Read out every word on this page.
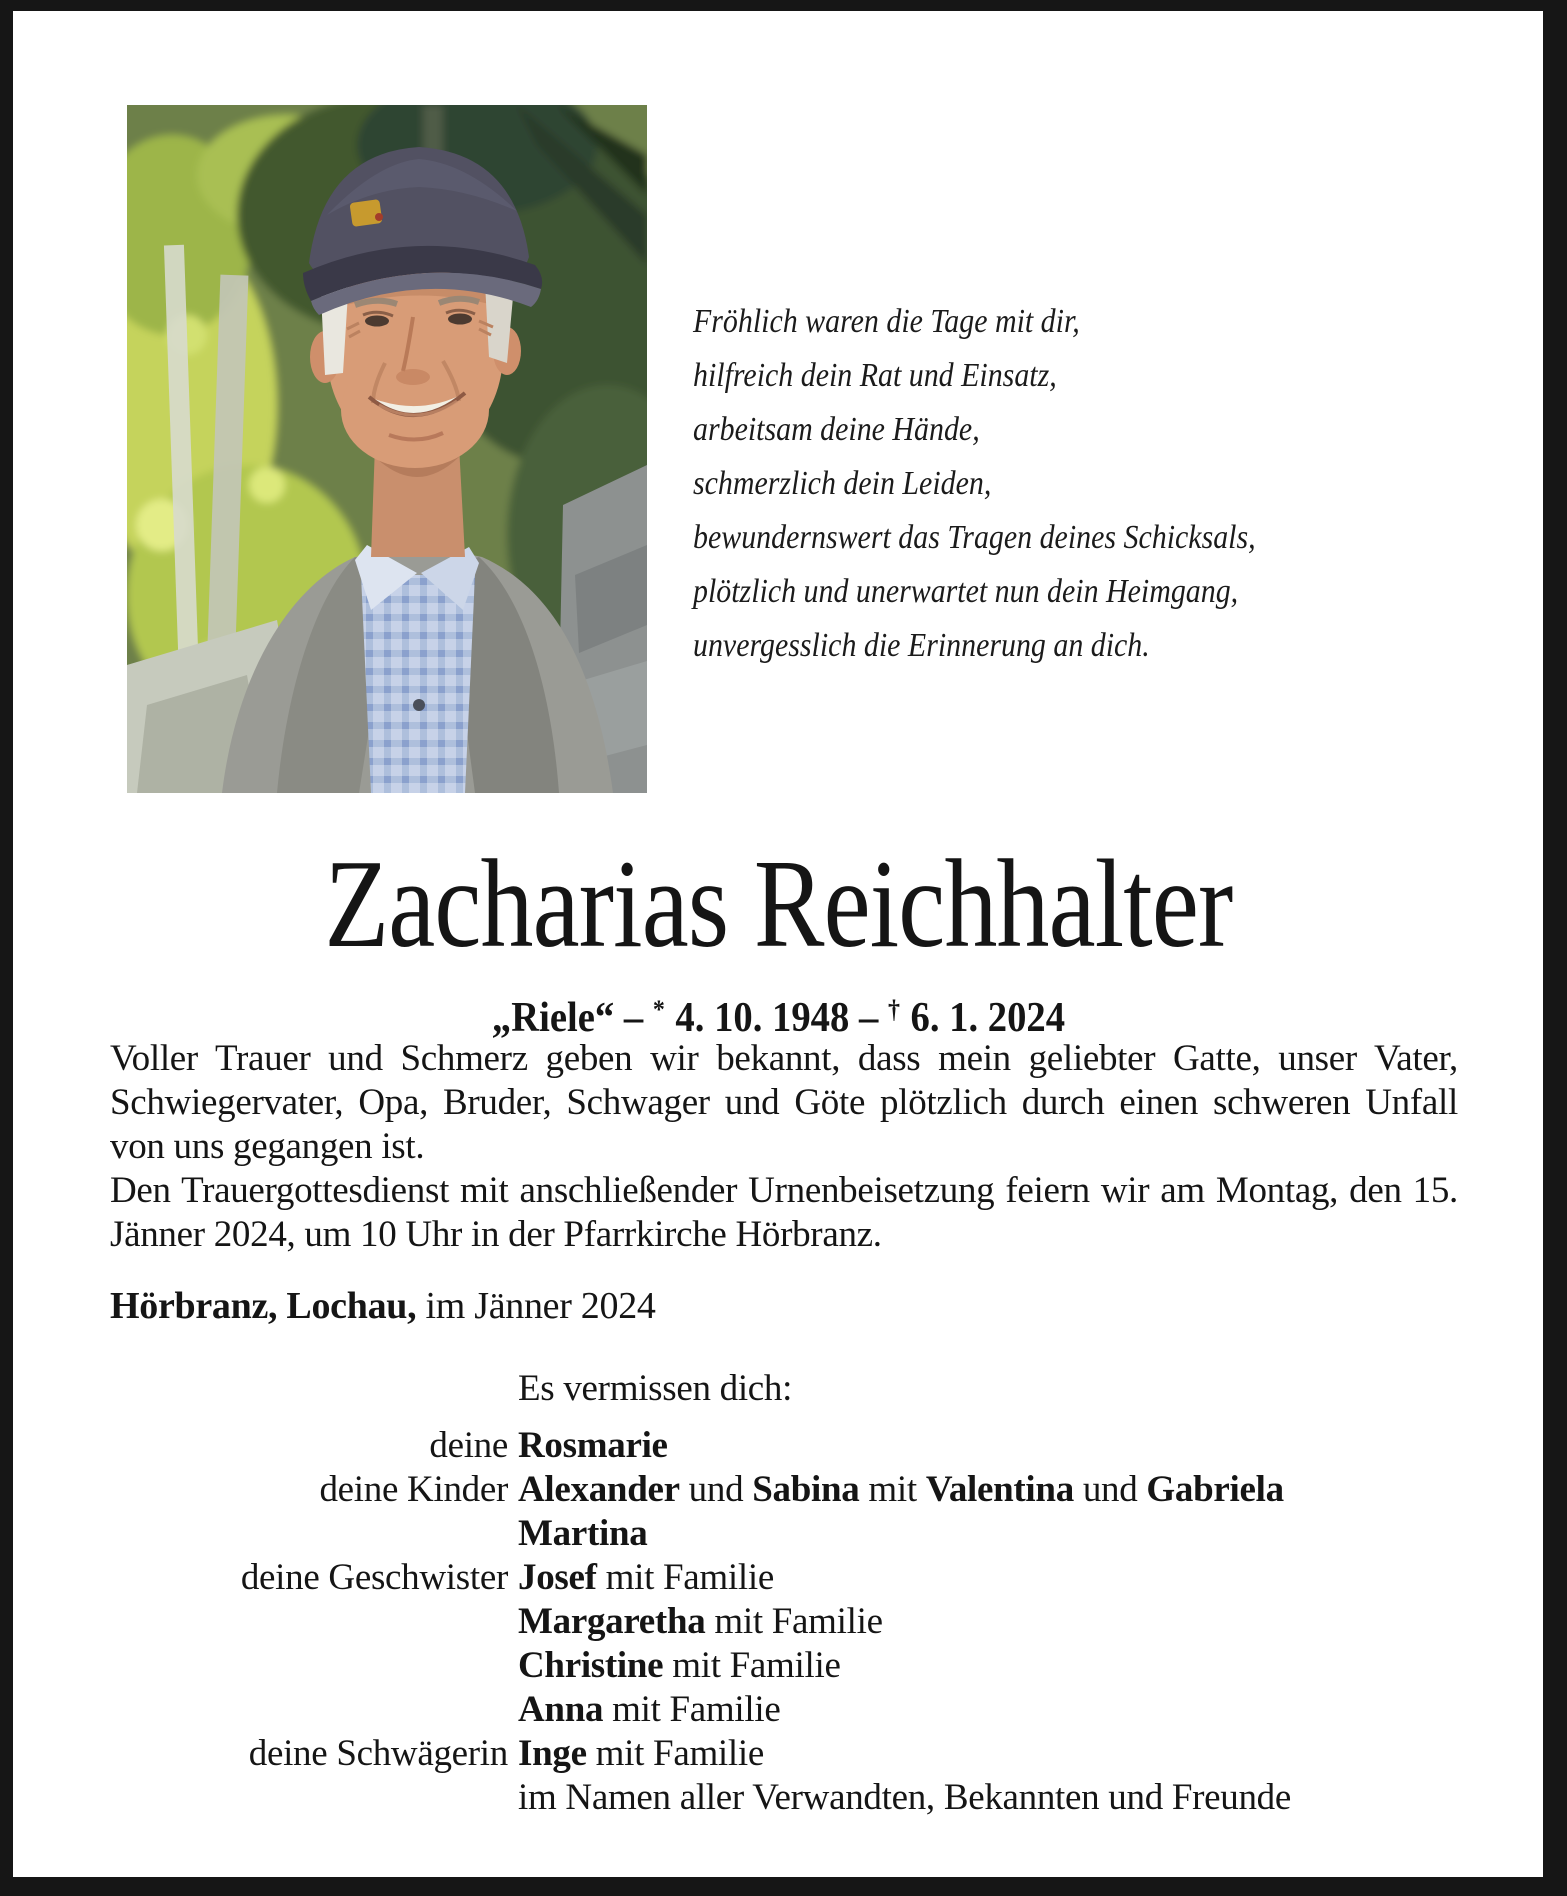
Fröhlich waren die Tage mit dir,
hilfreich dein Rat und Einsatz,
arbeitsam deine Hände,
schmerzlich dein Leiden,
bewundernswert das Tragen deines Schicksals,
plötzlich und unerwartet nun dein Heimgang,
unvergesslich die Erinnerung an dich.
Zacharias Reichhalter
„Riele“ – * 4. 10. 1948 – † 6. 1. 2024

Voller Trauer und Schmerz geben wir bekannt, dass mein geliebter Gatte, unser Vater, Schwiegervater, Opa, Bruder, Schwager und Göte plötzlich durch einen schweren Unfall von uns gegangen ist.

Den Trauergottesdienst mit anschließender Urnenbeisetzung feiern wir am Montag, den 15. Jänner 2024, um 10 Uhr in der Pfarrkirche Hörbranz.

Hörbranz, Lochau, im Jänner 2024
Es vermissen dich:
deine Rosmarie
deine Kinder Alexander und Sabina mit Valentina und Gabriela
Martina
deine Geschwister Josef mit Familie
Margaretha mit Familie
Christine mit Familie
Anna mit Familie
deine Schwägerin Inge mit Familie
im Namen aller Verwandten, Bekannten und Freunde
